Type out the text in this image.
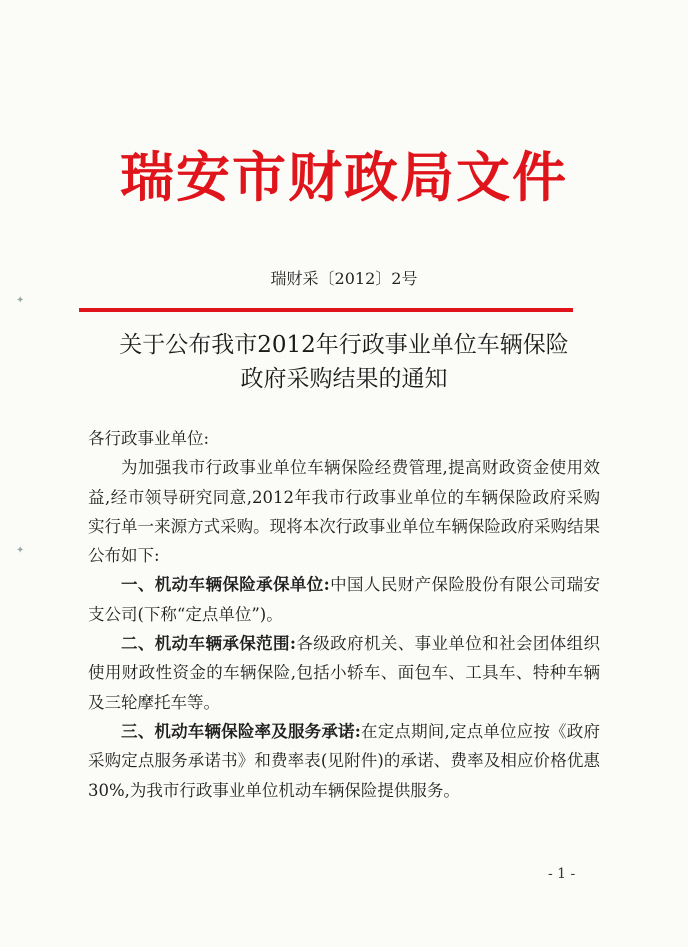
瑞安市财政局文件
瑞财采〔2012〕2号
关于公布我市2012年行政事业单位车辆保险
政府采购结果的通知

各行政事业单位:

为加强我市行政事业单位车辆保险经费管理,提高财政资金使用效益,经市领导研究同意,2012年我市行政事业单位的车辆保险政府采购实行单一来源方式采购。现将本次行政事业单位车辆保险政府采购结果公布如下:

一、机动车辆保险承保单位:中国人民财产保险股份有限公司瑞安支公司(下称“定点单位”)。

二、机动车辆承保范围:各级政府机关、事业单位和社会团体组织使用财政性资金的车辆保险,包括小轿车、面包车、工具车、特种车辆及三轮摩托车等。

三、机动车辆保险率及服务承诺:在定点期间,定点单位应按《政府采购定点服务承诺书》和费率表(见附件)的承诺、费率及相应价格优惠30%,为我市行政事业单位机动车辆保险提供服务。

- 1 -
✦
✦
